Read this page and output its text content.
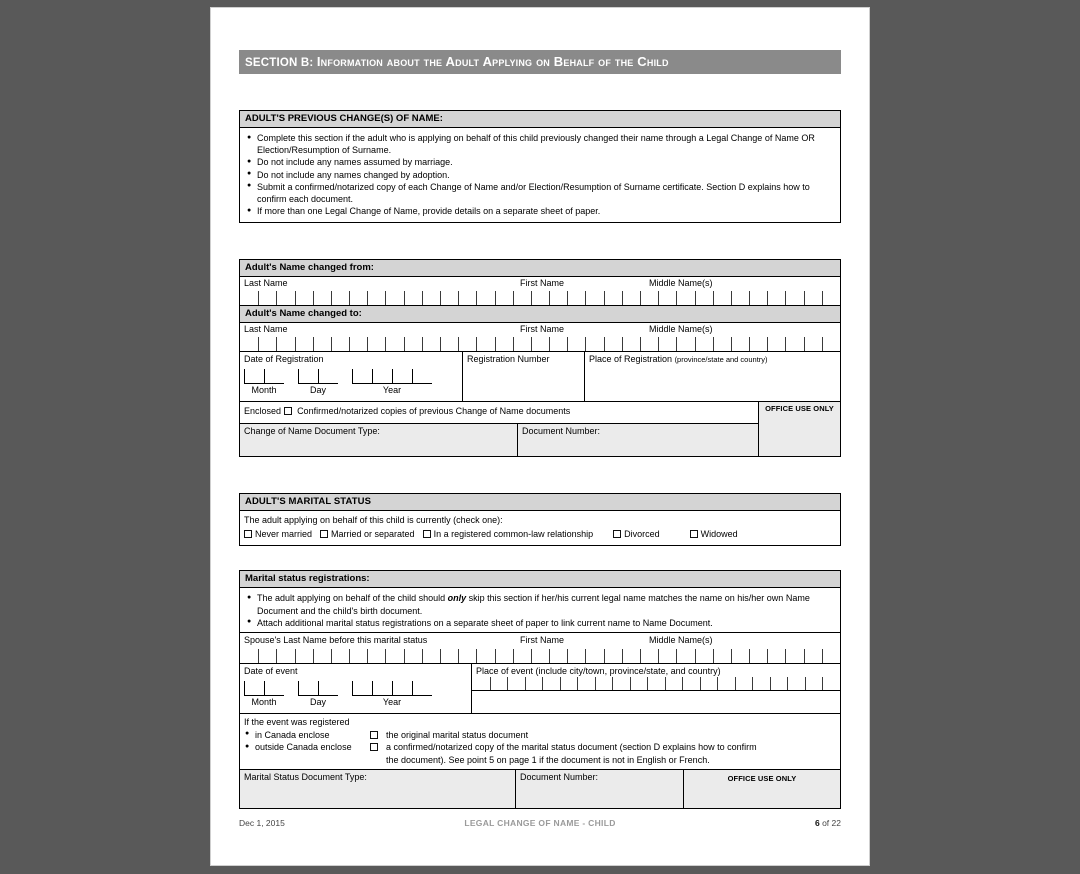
SECTION B: Information about the Adult Applying on Behalf of the Child
ADULT'S PREVIOUS CHANGE(S) OF NAME:
● Complete this section if the adult who is applying on behalf of this child previously changed their name through a Legal Change of Name OR Election/Resumption of Surname.
● Do not include any names assumed by marriage.
● Do not include any names changed by adoption.
● Submit a confirmed/notarized copy of each Change of Name and/or Election/Resumption of Surname certificate. Section D explains how to confirm each document.
● If more than one Legal Change of Name, provide details on a separate sheet of paper.
Adult's Name changed from:
Last Name	First Name	Middle Name(s)
Adult's Name changed to:
Last Name	First Name	Middle Name(s)
Date of Registration
Month	Day	Year
Registration Number	Place of Registration (province/state and country)
Enclosed Confirmed/notarized copies of previous Change of Name documents
Change of Name Document Type:	Document Number:
OFFICE USE ONLY
ADULT'S MARITAL STATUS
The adult applying on behalf of this child is currently (check one):
Never married	Married or separated	In a registered common-law relationship	Divorced	Widowed
Marital status registrations:
● The adult applying on behalf of the child should only skip this section if her/his current legal name matches the name on his/her own Name Document and the child's birth document.
● Attach additional marital status registrations on a separate sheet of paper to link current name to Name Document.
Spouse's Last Name before this marital status	First Name	Middle Name(s)
Date of event
Month	Day	Year
Place of event (include city/town, province/state, and country)
If the event was registered
● in Canada enclose	the original marital status document
● outside Canada enclose	a confirmed/notarized copy of the marital status document (section D explains how to confirm
the document). See point 5 on page 1 if the document is not in English or French.
Marital Status Document Type:	Document Number:	OFFICE USE ONLY
Dec 1, 2015	LEGAL CHANGE OF NAME - CHILD	6 of 22
